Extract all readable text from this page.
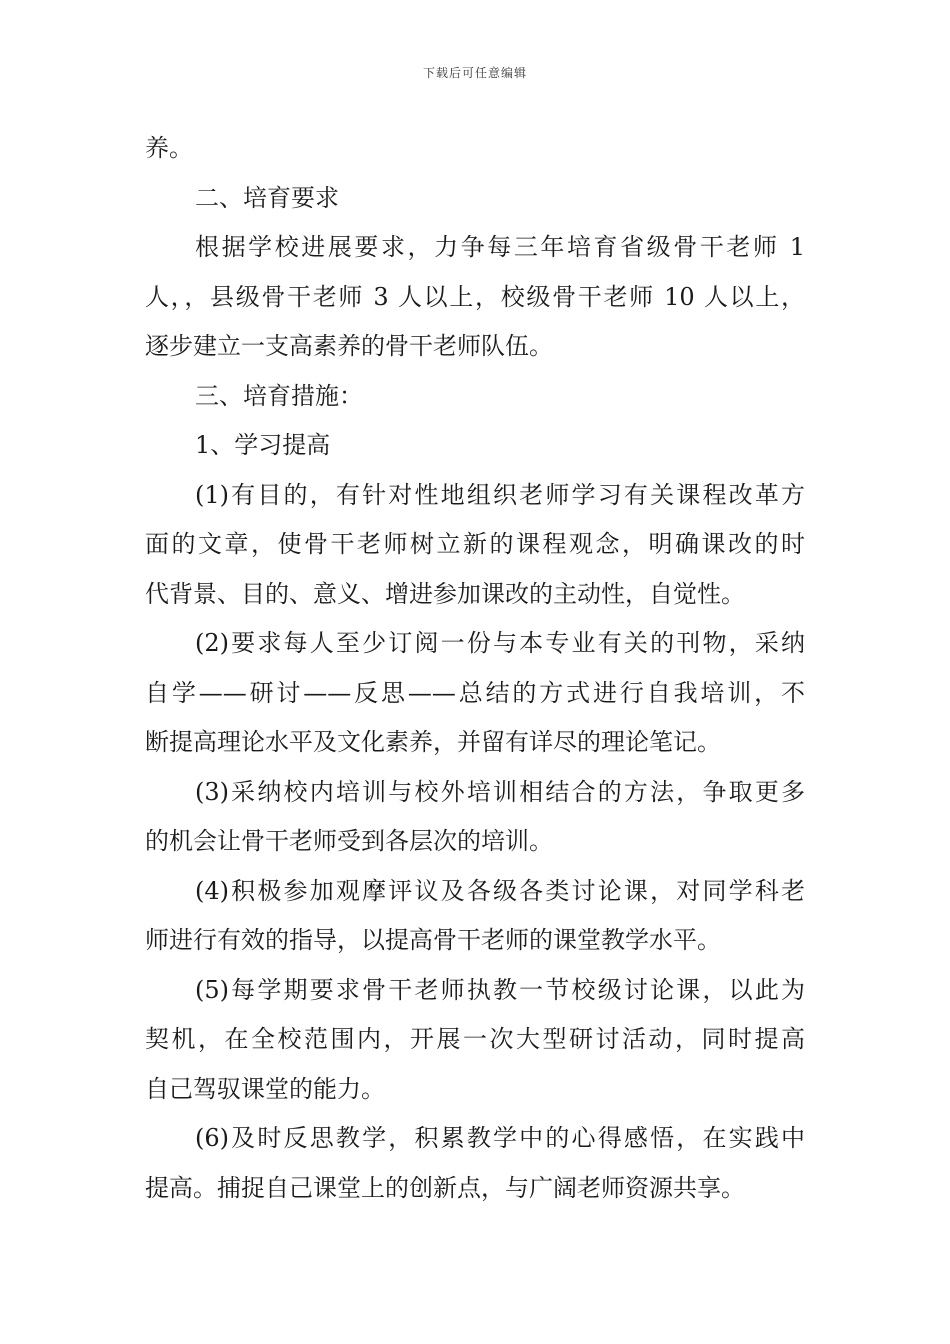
下载后可任意编辑
养。
二、培育要求
根据学校进展要求，力争每三年培育省级骨干老师 1
人，，县级骨干老师 3 人以上，校级骨干老师 10 人以上，
逐步建立一支高素养的骨干老师队伍。
三、培育措施：
1、学习提高
(1)有目的，有针对性地组织老师学习有关课程改革方
面的文章，使骨干老师树立新的课程观念，明确课改的时
代背景、目的、意义、增进参加课改的主动性，自觉性。
(2)要求每人至少订阅一份与本专业有关的刊物，采纳
自学——研讨——反思——总结的方式进行自我培训，不
断提高理论水平及文化素养，并留有详尽的理论笔记。
(3)采纳校内培训与校外培训相结合的方法，争取更多
的机会让骨干老师受到各层次的培训。
(4)积极参加观摩评议及各级各类讨论课，对同学科老
师进行有效的指导，以提高骨干老师的课堂教学水平。
(5)每学期要求骨干老师执教一节校级讨论课，以此为
契机，在全校范围内，开展一次大型研讨活动，同时提高
自己驾驭课堂的能力。
(6)及时反思教学，积累教学中的心得感悟，在实践中
提高。捕捉自己课堂上的创新点，与广阔老师资源共享。
